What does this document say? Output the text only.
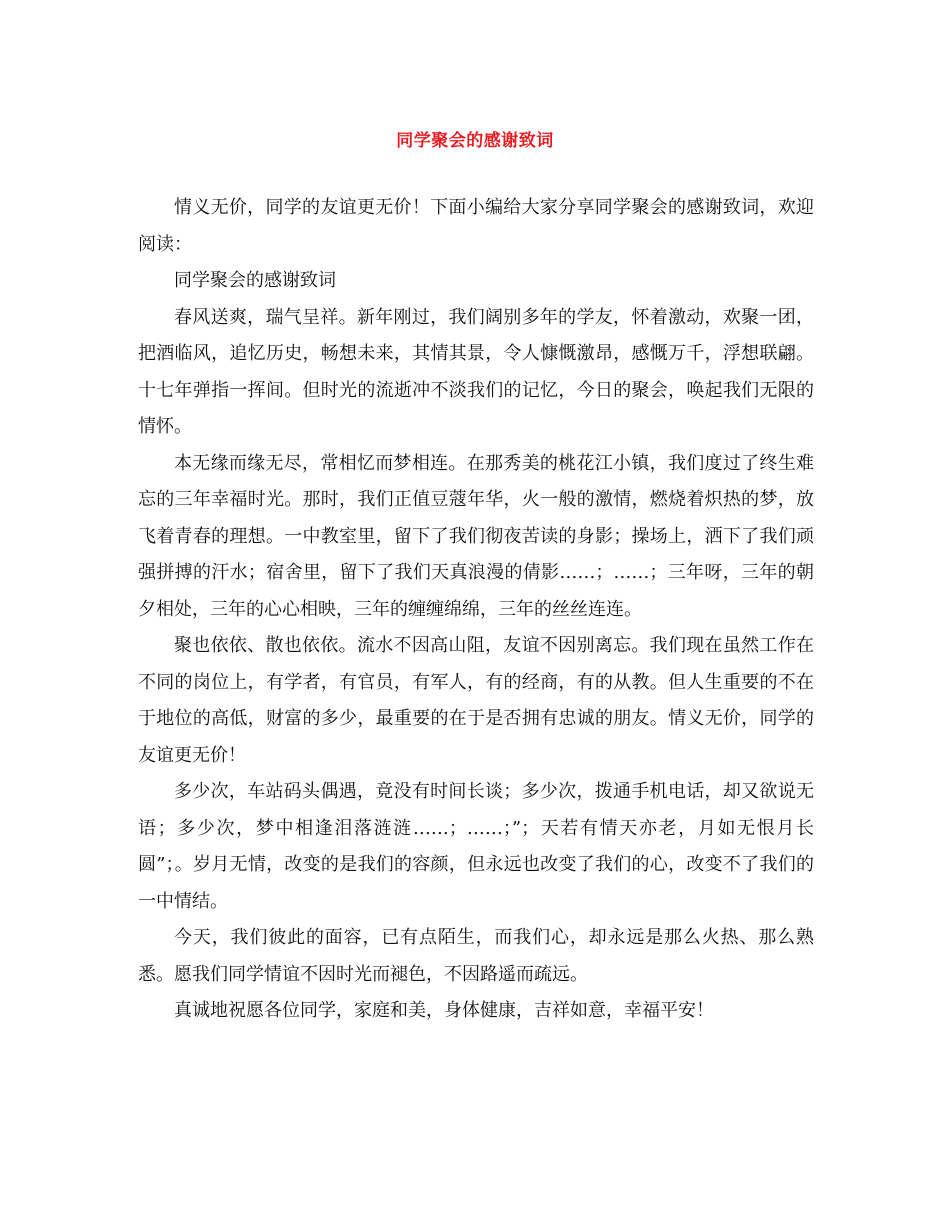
同学聚会的感谢致词

情义无价，同学的友谊更无价！下面小编给大家分享同学聚会的感谢致词，欢迎阅读：

同学聚会的感谢致词

春风送爽，瑞气呈祥。新年刚过，我们阔别多年的学友，怀着激动，欢聚一团，把酒临风，追忆历史，畅想未来，其情其景，令人慷慨激昂，感慨万千，浮想联翩。十七年弹指一挥间。但时光的流逝冲不淡我们的记忆，今日的聚会，唤起我们无限的情怀。

本无缘而缘无尽，常相忆而梦相连。在那秀美的桃花江小镇，我们度过了终生难忘的三年幸福时光。那时，我们正值豆蔻年华，火一般的激情，燃烧着炽热的梦，放飞着青春的理想。一中教室里，留下了我们彻夜苦读的身影；操场上，洒下了我们顽强拼搏的汗水；宿舍里，留下了我们天真浪漫的倩影……；……；三年呀，三年的朝夕相处，三年的心心相映，三年的缠缠绵绵，三年的丝丝连连。

聚也依依、散也依依。流水不因高山阻，友谊不因别离忘。我们现在虽然工作在不同的岗位上，有学者，有官员，有军人，有的经商，有的从教。但人生重要的不在于地位的高低，财富的多少，最重要的在于是否拥有忠诚的朋友。情义无价，同学的友谊更无价！

多少次，车站码头偶遇，竟没有时间长谈；多少次，拨通手机电话，却又欲说无语；多少次，梦中相逢泪落涟涟……；……；”；天若有情天亦老，月如无恨月长圆”；。岁月无情，改变的是我们的容颜，但永远也改变了我们的心，改变不了我们的一中情结。

今天，我们彼此的面容，已有点陌生，而我们心，却永远是那么火热、那么熟悉。愿我们同学情谊不因时光而褪色，不因路遥而疏远。

真诚地祝愿各位同学，家庭和美，身体健康，吉祥如意，幸福平安！
